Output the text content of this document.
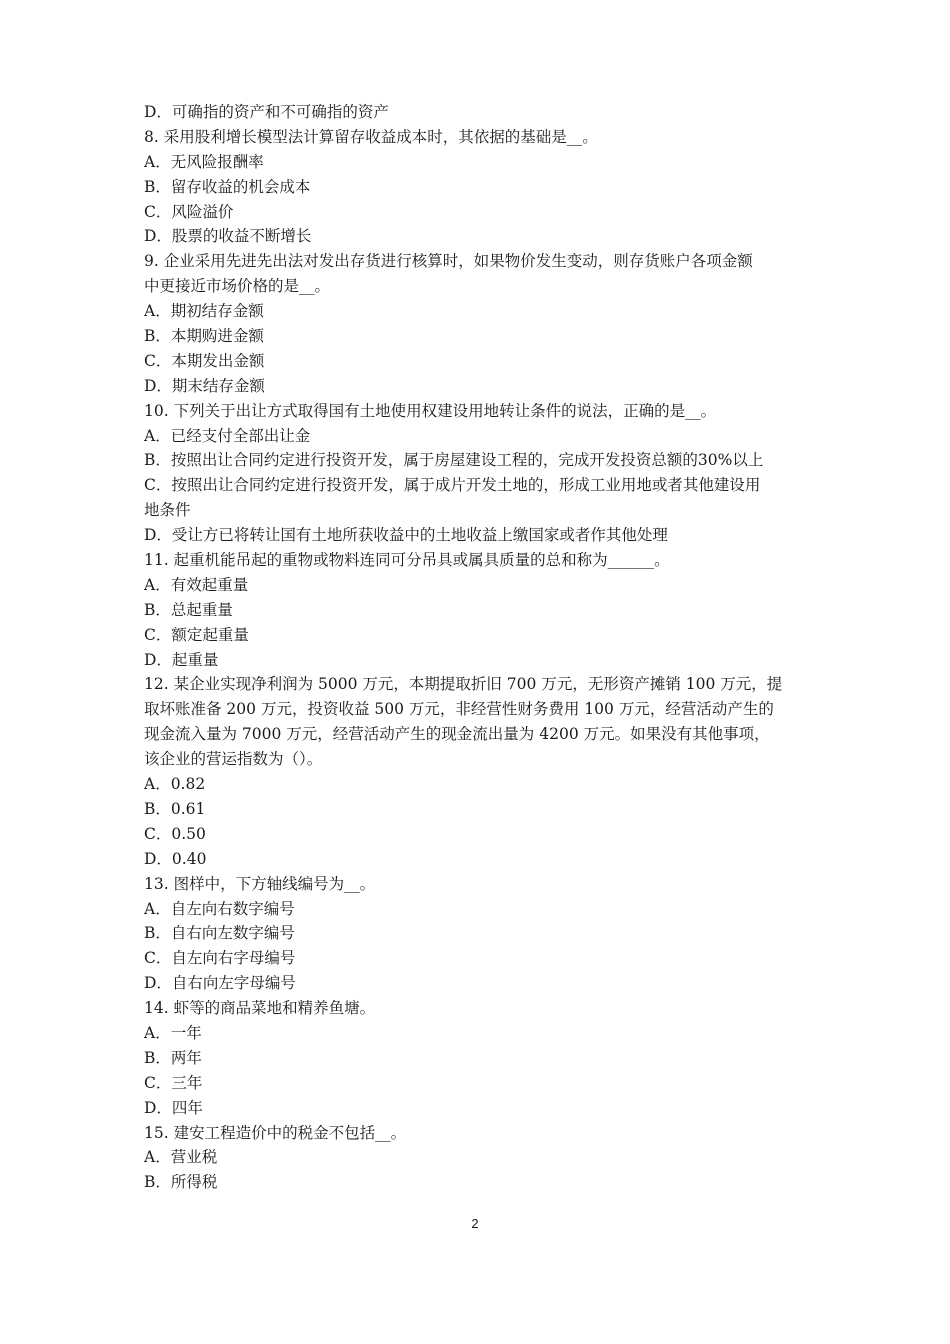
D．可确指的资产和不可确指的资产

8. 采用股利增长模型法计算留存收益成本时，其依据的基础是__。

A．无风险报酬率

B．留存收益的机会成本

C．风险溢价

D．股票的收益不断增长

9. 企业采用先进先出法对发出存货进行核算时，如果物价发生变动，则存货账户各项金额

中更接近市场价格的是__。

A．期初结存金额

B．本期购进金额

C．本期发出金额

D．期末结存金额

10. 下列关于出让方式取得国有土地使用权建设用地转让条件的说法，正确的是__。

A．已经支付全部出让金

B．按照出让合同约定进行投资开发，属于房屋建设工程的，完成开发投资总额的30%以上

C．按照出让合同约定进行投资开发，属于成片开发土地的，形成工业用地或者其他建设用

地条件

D．受让方已将转让国有土地所获收益中的土地收益上缴国家或者作其他处理

11. 起重机能吊起的重物或物料连同可分吊具或属具质量的总和称为______。

A．有效起重量

B．总起重量

C．额定起重量

D．起重量

12. 某企业实现净利润为 5000 万元，本期提取折旧 700 万元，无形资产摊销 100 万元，提

取坏账准备 200 万元，投资收益 500 万元，非经营性财务费用 100 万元，经营活动产生的

现金流入量为 7000 万元，经营活动产生的现金流出量为 4200 万元。如果没有其他事项，

该企业的营运指数为（）。

A．0.82

B．0.61

C．0.50

D．0.40

13. 图样中，下方轴线编号为__。

A．自左向右数字编号

B．自右向左数字编号

C．自左向右字母编号

D．自右向左字母编号

14. 虾等的商品菜地和精养鱼塘。

A．一年

B．两年

C．三年

D．四年

15. 建安工程造价中的税金不包括__。

A．营业税

B．所得税

2
